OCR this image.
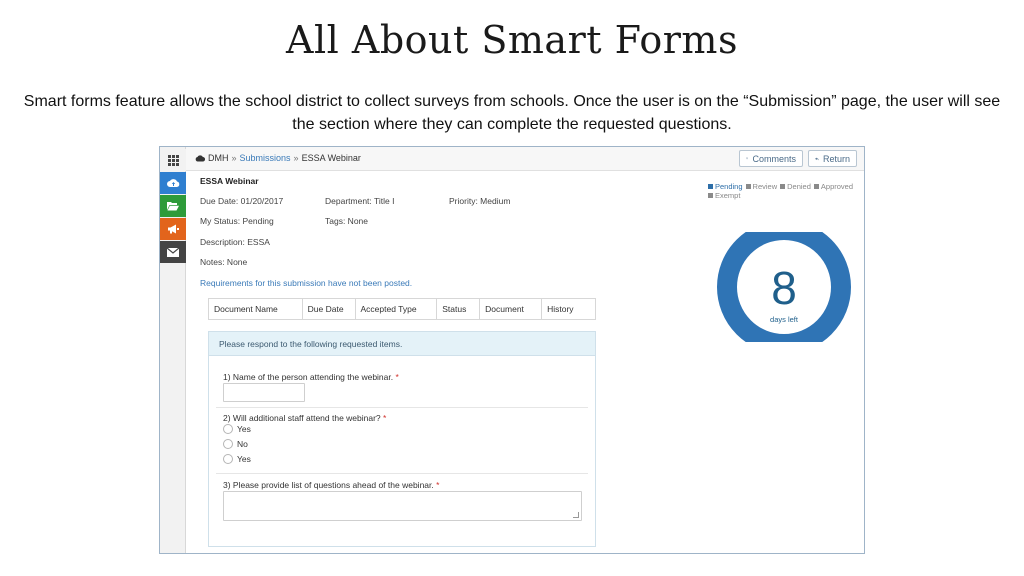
All About Smart Forms
Smart forms feature allows the school district to collect surveys from schools. Once the user is on the “Submission” page, the user will see the section where they can complete the requested questions.
DMH » Submissions » ESSA Webinar	Comments	Return
ESSA Webinar
Due Date: 01/20/2017	Department: Title I	Priority: Medium
My Status: Pending	Tags: None
Description: ESSA
Notes: None
Requirements for this submission have not been posted.
Document Name	Due Date	Accepted Type	Status	Document	History
Please respond to the following requested items.
1) Name of the person attending the webinar. *
2) Will additional staff attend the webinar? *
Yes
No
Yes
3) Please provide list of questions ahead of the webinar. *
Pending Review Denied Approved
Exempt
8
days left
